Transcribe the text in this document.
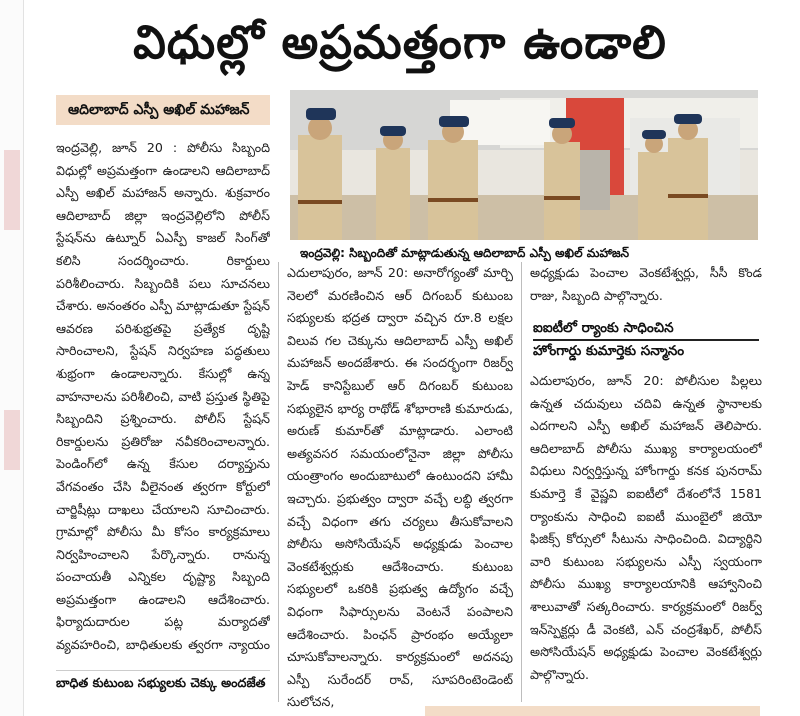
విధుల్లో అప్రమత్తంగా ఉండాలి
ఆదిలాబాద్ ఎస్పీ అఖిల్ మహాజన్
ఇంద్రవెల్లి: సిబ్బందితో మాట్లాడుతున్న ఆదిలాబాద్ ఎస్పీ అఖిల్ మహాజన్

ఇంద్రవెల్లి, జూన్ 20 : పోలీసు సిబ్బంది విధుల్లో అప్రమత్తంగా ఉండాలని ఆదిలాబాద్ ఎస్పీ అఖిల్ మహాజన్ అన్నారు. శుక్రవారం ఆదిలాబాద్ జిల్లా ఇంద్రవెల్లిలోని పోలీస్ స్టేషన్‌ను ఉట్నూర్ ఏఎస్పీ కాజల్ సింగ్‌తో కలిసి సందర్శించారు. రికార్డులు పరిశీలించారు. సిబ్బందికి పలు సూచనలు చేశారు. అనంతరం ఎస్పీ మాట్లాడుతూ స్టేషన్ ఆవరణ పరిశుభ్రతపై ప్రత్యేక దృష్టి సారించాలని, స్టేషన్ నిర్వహణ పద్ధతులు శుభ్రంగా ఉండాలన్నారు. కేసుల్లో ఉన్న వాహనాలను పరిశీలించి, వాటి ప్రస్తుత స్థితిపై సిబ్బందిని ప్రశ్నించారు. పోలీస్ స్టేషన్ రికార్డులను ప్రతిరోజు నవీకరించాలన్నారు. పెండింగ్‌లో ఉన్న కేసుల దర్యాప్తును వేగవంతం చేసి వీలైనంత త్వరగా కోర్టులో చార్జిషీట్లు దాఖలు చేయాలని సూచించారు. గ్రామాల్లో పోలీసు మీ కోసం కార్యక్రమాలు నిర్వహించాలని పేర్కొన్నారు. రానున్న పంచాయతీ ఎన్నికల దృష్ట్యా సిబ్బంది అప్రమత్తంగా ఉండాలని ఆదేశించారు. ఫిర్యాదుదారుల పట్ల మర్యాదతో వ్యవహరించి, బాధితులకు త్వరగా న్యాయం

బాధిత కుటుంబ సభ్యులకు చెక్కు అందజేత

ఎదులాపురం, జూన్ 20: అనారోగ్యంతో మార్చి నెలలో మరణించిన ఆర్ దిగంబర్ కుటుంబ సభ్యులకు భద్రత ద్వారా వచ్చిన రూ.8 లక్షల విలువ గల చెక్కును ఆదిలాబాద్ ఎస్పీ అఖిల్ మహాజన్ అందజేశారు. ఈ సందర్భంగా రిజర్వ్ హెడ్ కానిస్టేబుల్ ఆర్ దిగంబర్ కుటుంబ సభ్యులైన భార్య రాథోడ్ శోభారాణి కుమారుడు, అరుణ్ కుమార్‌తో మాట్లాడారు. ఎలాంటి అత్యవసర సమయంలోనైనా జిల్లా పోలీసు యంత్రాంగం అందుబాటులో ఉంటుందని హామీ ఇచ్చారు. ప్రభుత్వం ద్వారా వచ్చే లబ్ధి త్వరగా వచ్చే విధంగా తగు చర్యలు తీసుకోవాలని పోలీసు అసోసియేషన్ అధ్యక్షుడు పెంచాల వెంకటేశ్వర్లుకు ఆదేశించారు. కుటుంబ సభ్యులలో ఒకరికి ప్రభుత్వ ఉద్యోగం వచ్చే విధంగా సిఫార్సులను వెంటనే పంపాలని ఆదేశించారు. పింఛన్ ప్రారంభం అయ్యేలా చూసుకోవాలన్నారు. కార్యక్రమంలో అదనపు ఎస్పీ సురేందర్ రావ్, సూపరింటెండెంట్ సులోచన,

అధ్యక్షుడు పెంచాల వెంకటేశ్వర్లు, సీసీ కొండ రాజు, సిబ్బంది పాల్గొన్నారు.

ఐఐటీలో ర్యాంకు సాధించిన
హోంగార్డు కుమార్తెకు సన్మానం

ఎదులాపురం, జూన్ 20: పోలీసుల పిల్లలు ఉన్నత చదువులు చదివి ఉన్నత స్థానాలకు ఎదగాలని ఎస్పీ అఖిల్ మహాజన్ తెలిపారు. ఆదిలాబాద్ పోలీసు ముఖ్య కార్యాలయంలో విధులు నిర్వర్తిస్తున్న హోంగార్డు కనక పునరామ్ కుమార్తె కే వైష్ణవి ఐఐటీలో దేశంలోనే 1581 ర్యాంకును సాధించి ఐఐటీ ముంబైలో జియో ఫిజిక్స్ కోర్సులో సీటును సాధించింది. విద్యార్థిని వారి కుటుంబ సభ్యులను ఎస్పీ స్వయంగా పోలీసు ముఖ్య కార్యాలయానికి ఆహ్వానించి శాలువాతో సత్కరించారు. కార్యక్రమంలో రిజర్వ్ ఇన్‌స్పెక్టర్లు డీ వెంకటి, ఎన్ చంద్రశేఖర్, పోలీస్ అసోసియేషన్ అధ్యక్షుడు పెంచాల వెంకటేశ్వర్లు పాల్గొన్నారు.
